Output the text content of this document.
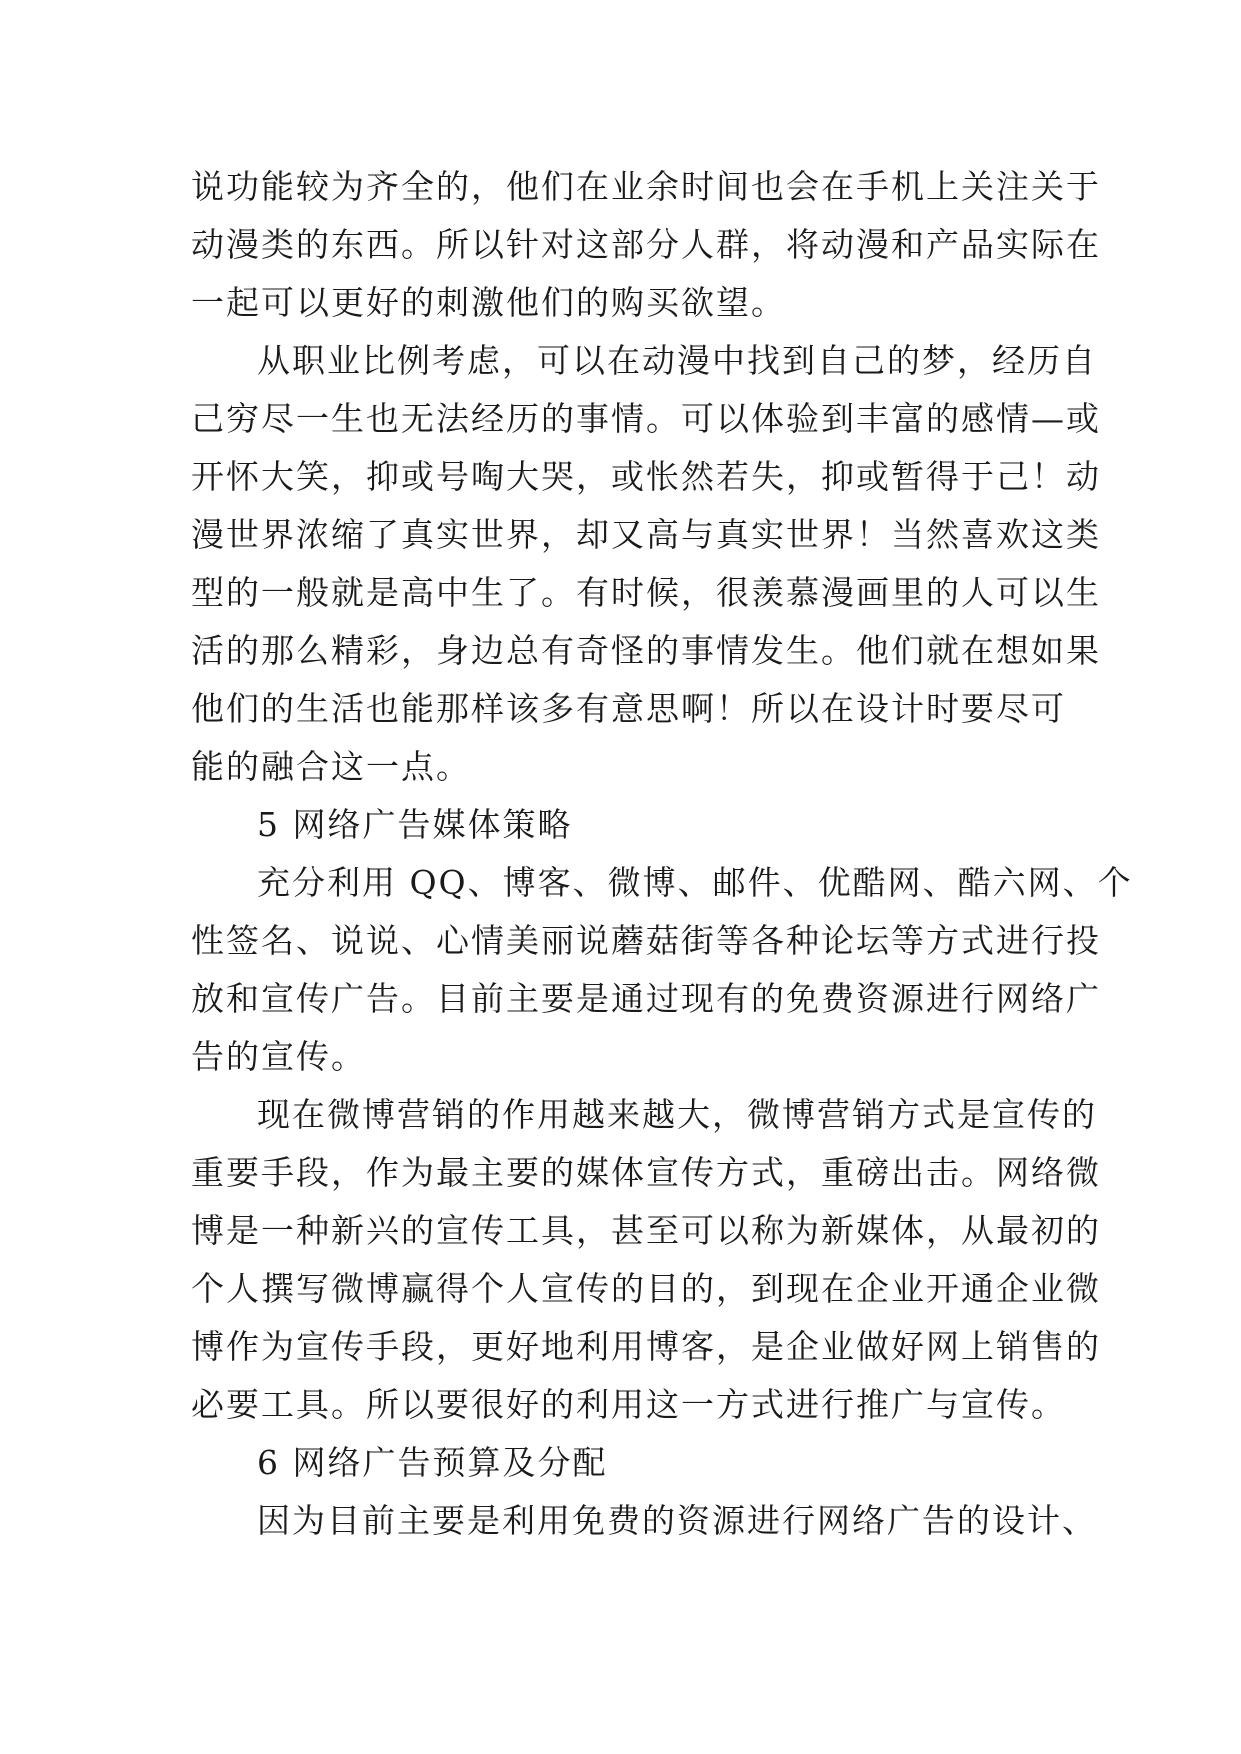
说功能较为齐全的，他们在业余时间也会在手机上关注关于
动漫类的东西。所以针对这部分人群，将动漫和产品实际在
一起可以更好的刺激他们的购买欲望。
从职业比例考虑，可以在动漫中找到自己的梦，经历自
己穷尽一生也无法经历的事情。可以体验到丰富的感情—或
开怀大笑，抑或号啕大哭，或怅然若失，抑或暂得于己！动
漫世界浓缩了真实世界，却又高与真实世界！当然喜欢这类
型的一般就是高中生了。有时候，很羡慕漫画里的人可以生
活的那么精彩，身边总有奇怪的事情发生。他们就在想如果
他们的生活也能那样该多有意思啊！所以在设计时要尽可
能的融合这一点。
5 网络广告媒体策略
充分利用 QQ、博客、微博、邮件、优酷网、酷六网、个
性签名、说说、心情美丽说蘑菇街等各种论坛等方式进行投
放和宣传广告。目前主要是通过现有的免费资源进行网络广
告的宣传。
现在微博营销的作用越来越大，微博营销方式是宣传的
重要手段，作为最主要的媒体宣传方式，重磅出击。网络微
博是一种新兴的宣传工具，甚至可以称为新媒体，从最初的
个人撰写微博赢得个人宣传的目的，到现在企业开通企业微
博作为宣传手段，更好地利用博客，是企业做好网上销售的
必要工具。所以要很好的利用这一方式进行推广与宣传。
6 网络广告预算及分配
因为目前主要是利用免费的资源进行网络广告的设计、
